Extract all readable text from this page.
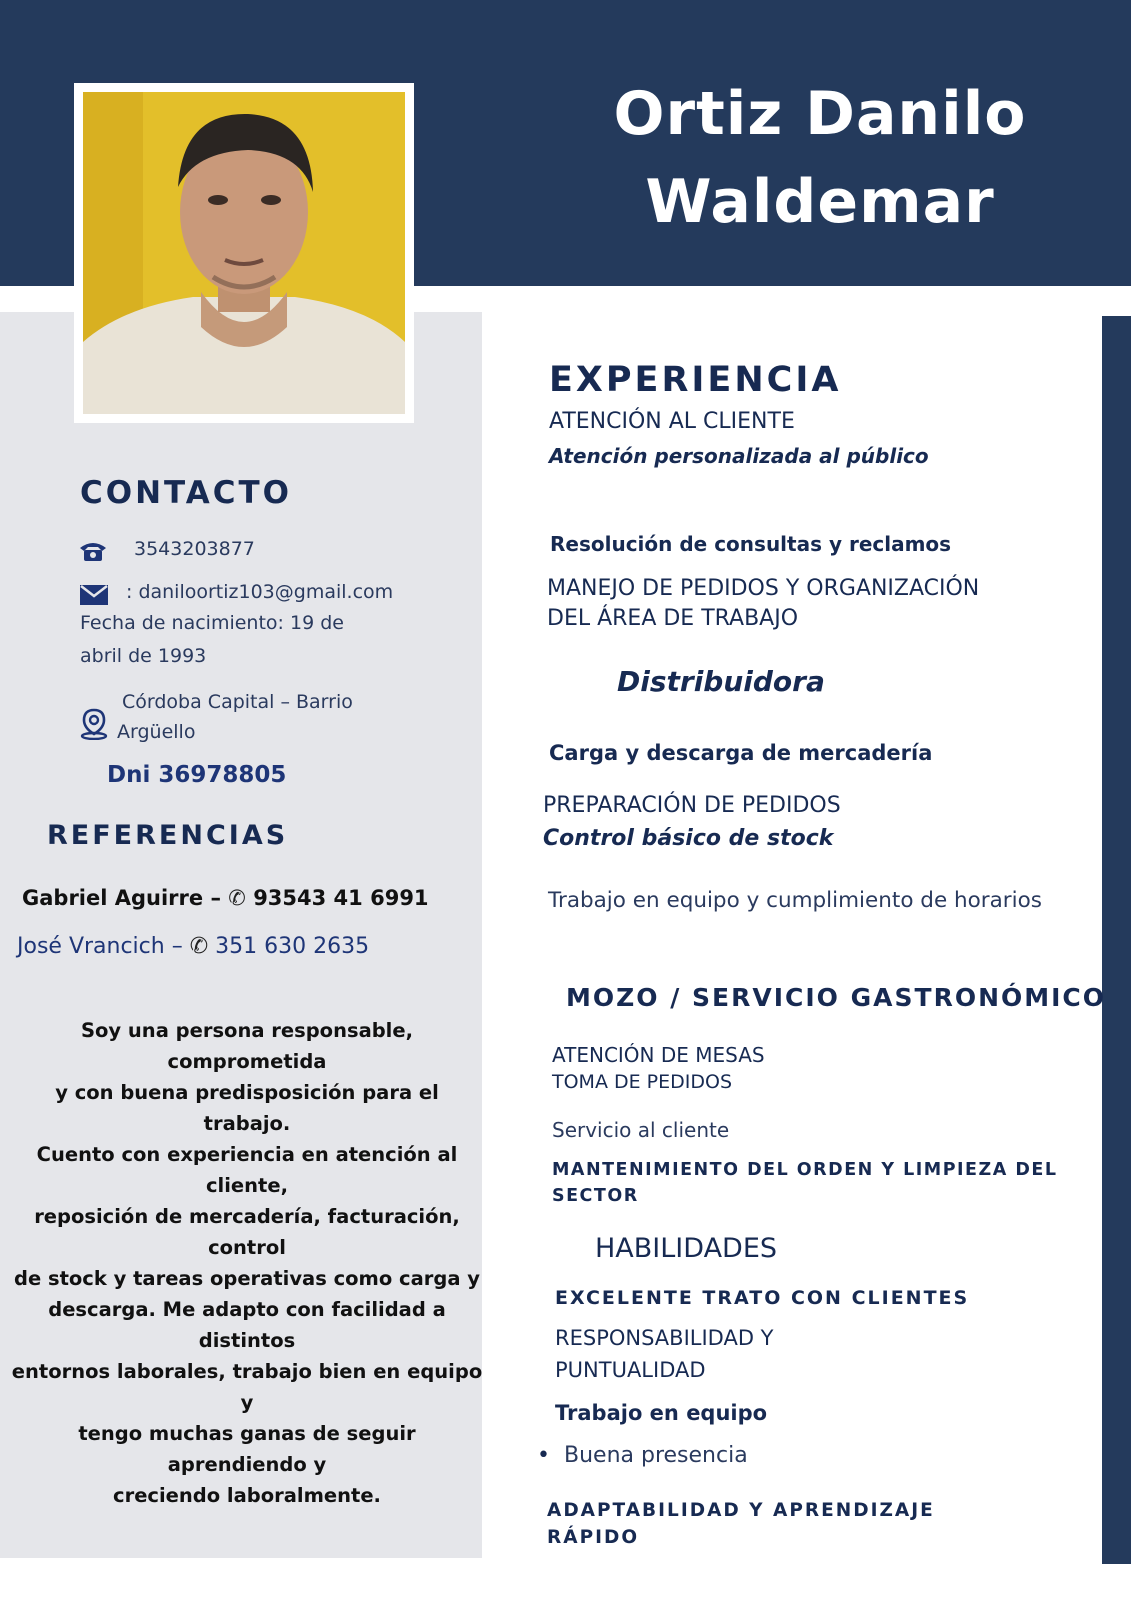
Ortiz Danilo
Waldemar
CONTACTO
3543203877
: daniloortiz103@gmail.com
Fecha de nacimiento: 19 de
abril de 1993
Córdoba Capital – Barrio
Argüello
Dni 36978805
REFERENCIAS
Gabriel Aguirre – ✆ 93543 41 6991
José Vrancich – ✆ 351 630 2635
Soy una persona responsable, comprometida
y con buena predisposición para el trabajo.
Cuento con experiencia en atención al cliente,
reposición de mercadería, facturación, control
de stock y tareas operativas como carga y
descarga. Me adapto con facilidad a distintos
entornos laborales, trabajo bien en equipo y
tengo muchas ganas de seguir aprendiendo y
creciendo laboralmente.
EXPERIENCIA
ATENCIÓN AL CLIENTE
Atención personalizada al público
Resolución de consultas y reclamos
MANEJO DE PEDIDOS Y ORGANIZACIÓN
DEL ÁREA DE TRABAJO
Distribuidora
Carga y descarga de mercadería
PREPARACIÓN DE PEDIDOS
Control básico de stock
Trabajo en equipo y cumplimiento de horarios
MOZO / SERVICIO GASTRONÓMICO
ATENCIÓN DE MESAS
TOMA DE PEDIDOS
Servicio al cliente
MANTENIMIENTO DEL ORDEN Y LIMPIEZA DEL
SECTOR
HABILIDADES
EXCELENTE TRATO CON CLIENTES
RESPONSABILIDAD Y
PUNTUALIDAD
Trabajo en equipo
• Buena presencia
ADAPTABILIDAD Y APRENDIZAJE
RÁPIDO
